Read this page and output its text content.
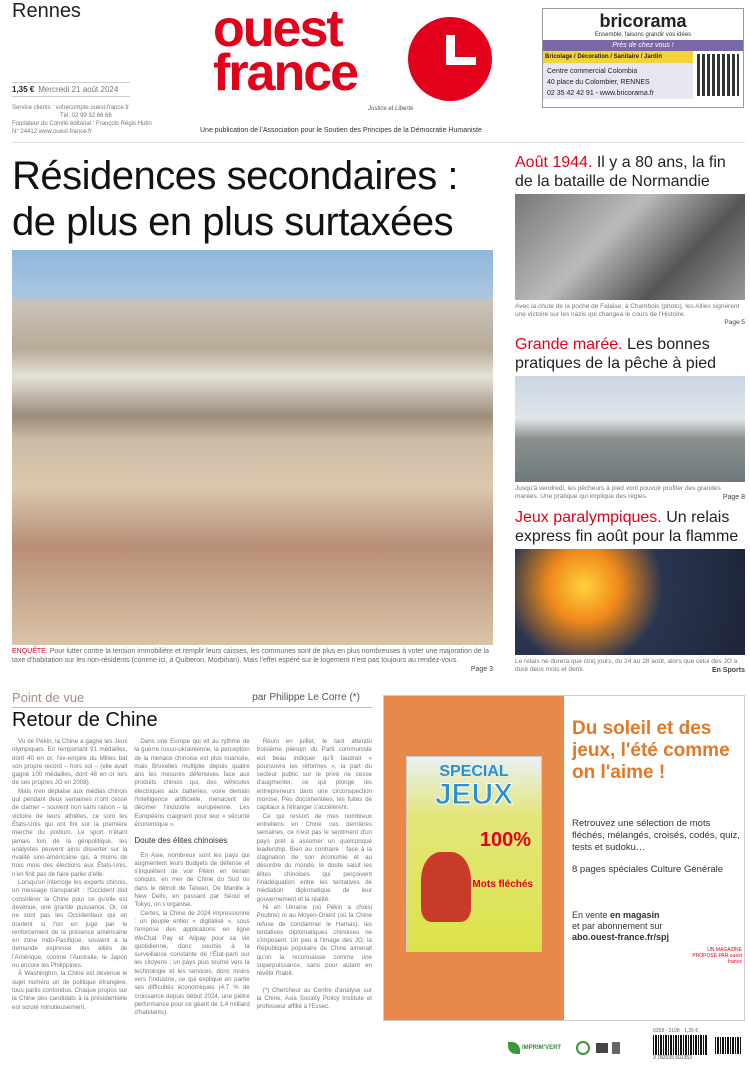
Rennes	ouest
france
Justice et Liberté
1,35 € Mercredi 21 août 2024
Service clients : votrecompte.ouest-france.fr
Tél. 02 99 32 66 66
Fondateur du Comité éditorial : François Régis Hutin
N° 24412 www.ouest-france.fr	Une publication de l'Association pour le Soutien des Principes de la Démocratie Humaniste
bricorama
Ensemble, faisons grandir vos idées
Près de chez vous !
Bricolage / Décoration / Sanitaire / Jardin
Centre commercial Colombia
40 place du Colombier, RENNES
02 35 42 42 91 - www.bricorama.fr
Résidences secondaires :
de plus en plus surtaxées
ENQUÊTE. Pour lutter contre la tension immobilière et remplir leurs caisses, les communes sont de plus en plus nombreuses à voter une majoration de la taxe d'habitation sur les non-résidents (comme ici, à Quiberon, Morbihan). Mais l'effet espéré sur le logement n'est pas toujours au rendez-vous.
Page 3
Août 1944. Il y a 80 ans, la fin de la bataille de Normandie
Avec la chute de la poche de Falaise, à Chambois (photo), les Alliés signèrent une victoire sur les nazis qui changea le cours de l'Histoire.
Page 5
Grande marée. Les bonnes pratiques de la pêche à pied
Jusqu'à vendredi, les pêcheurs à pied vont pouvoir profiter des grandes marées. Une pratique qui implique des règles.	Page 8
Jeux paralympiques. Un relais express fin août pour la flamme
Le relais ne durera que cinq jours, du 24 au 28 août, alors que celui des JO a duré deux mois et demi.	En Sports
par Philippe Le Corre (*)
Point de vue
Retour de Chine

Vu de Pékin, la Chine a gagné les Jeux olympiques. En remportant 91 médailles, dont 40 en or, l'ex-empire du Milieu bat son propre record – hors sol – (elle avait gagné 100 médailles, dont 48 en or lors de ses propres JO en 2008).

Mais n'en déplaise aux médias chinois qui pendant deux semaines n'ont cessé de clamer – souvent non sans raison – la victoire de leurs athlètes, ce sont les États-Unis qui ont fini sur la première marche du podium. Le sport n'étant jamais loin de la géopolitique, les analystes peuvent ainsi disserter sur la rivalité sino-américaine qui, à moins de trois mois des élections aux États-Unis, n'en finit pas de faire parler d'elle.

Lorsqu'on interroge les experts chinois, un message transparaît : l'Occident doit considérer la Chine pour ce qu'elle est devenue, une grande puissance. Or, ce ne sont pas les Occidentaux qui en doutent si l'on en juge par le renforcement de la présence américaine en zone Indo-Pacifique, souvent à la demande expresse des alliés de l'Amérique, comme l'Australie, le Japon ou encore les Philippines.

À Washington, la Chine est devenue le sujet numéro un de politique étrangère, tous partis confondus. Chaque propos sur la Chine des candidats à la présidentielle est scruté minutieusement.

Dans une Europe qui vit au rythme de la guerre russo-ukrainienne, la perception de la menace chinoise est plus nuancée, mais Bruxelles multiplie depuis quatre ans les mesures défensives face aux produits chinois qui, des véhicules électriques aux batteries, voire demain l'intelligence artificielle, menacent de décimer l'industrie européenne. Les Européens craignent pour leur « sécurité économique ».

Doute des élites chinoises

En Asie, nombreux sont les pays qui augmentent leurs budgets de défense et s'inquiètent de voir Pékin en terrain conquis, en mer de Chine du Sud ou dans le détroit de Taïwan. De Manille à New Delhi, en passant par Séoul et Tokyo, on s'organise.

Certes, la Chine de 2024 impressionne : un peuple entier « digitalisé », sous l'emprise des applications en ligne WeChat Pay et Alipay pour sa vie quotidienne, donc soumis à la surveillance constante de l'État-parti sur les citoyens ; un pays plus tourné vers la technologie et les services, donc moins vers l'industrie, ce qui explique en partie ses difficultés économiques (4,7 % de croissance depuis début 2024, une piètre performance pour ce géant de 1,4 milliard d'habitants).

Réuni en juillet, le tant attendu troisième plénum du Parti communiste eut beau indiquer qu'il faudrait « poursuivre les réformes », la part du secteur public sur le privé ne cesse d'augmenter, ce qui plonge les entrepreneurs dans une circonspection morose. Peu documentées, les fuites de capitaux à l'étranger s'accélèrent.

Ce qui ressort de mes nombreux entretiens en Chine ces dernières semaines, ce n'est pas le sentiment d'un pays prêt à assumer un quelconque leadership. Bien au contraire : face à la stagnation de son économie et au désordre du monde, le doute saisit les élites chinoises qui perçoivent l'inadéquation entre les tentatives de médiation diplomatique de leur gouvernement et la réalité.

Ni en Ukraine (où Pékin a choisi Poutine) ni au Moyen-Orient (où la Chine refuse de condamner le Hamas), les tentatives diplomatiques chinoises ne s'imposent. Un peu à l'image des JO, la République populaire de Chine aimerait qu'on la reconnaisse comme une superpuissance, sans pour autant en revêtir l'habit.

(*) Chercheur au Centre d'analyse sur la Chine, Asia Society Policy Institute et professeur affilié à l'Essec.

SPECIAL
JEUX
100%
Mots fléchés
Du soleil et des jeux, l'été comme on l'aime !

Retrouvez une sélection de mots fléchés, mélangés, croisés, codés, quiz, tests et sudoku…

8 pages spéciales Culture Générale

En vente en magasin
et par abonnement sur
abo.ouest-france.fr/spj

UN MAGAZINE PROPOSÉ PAR ouest france
IMPRIM'VERT
0358 - 2108 - 1,35 €
3 782035 601353
